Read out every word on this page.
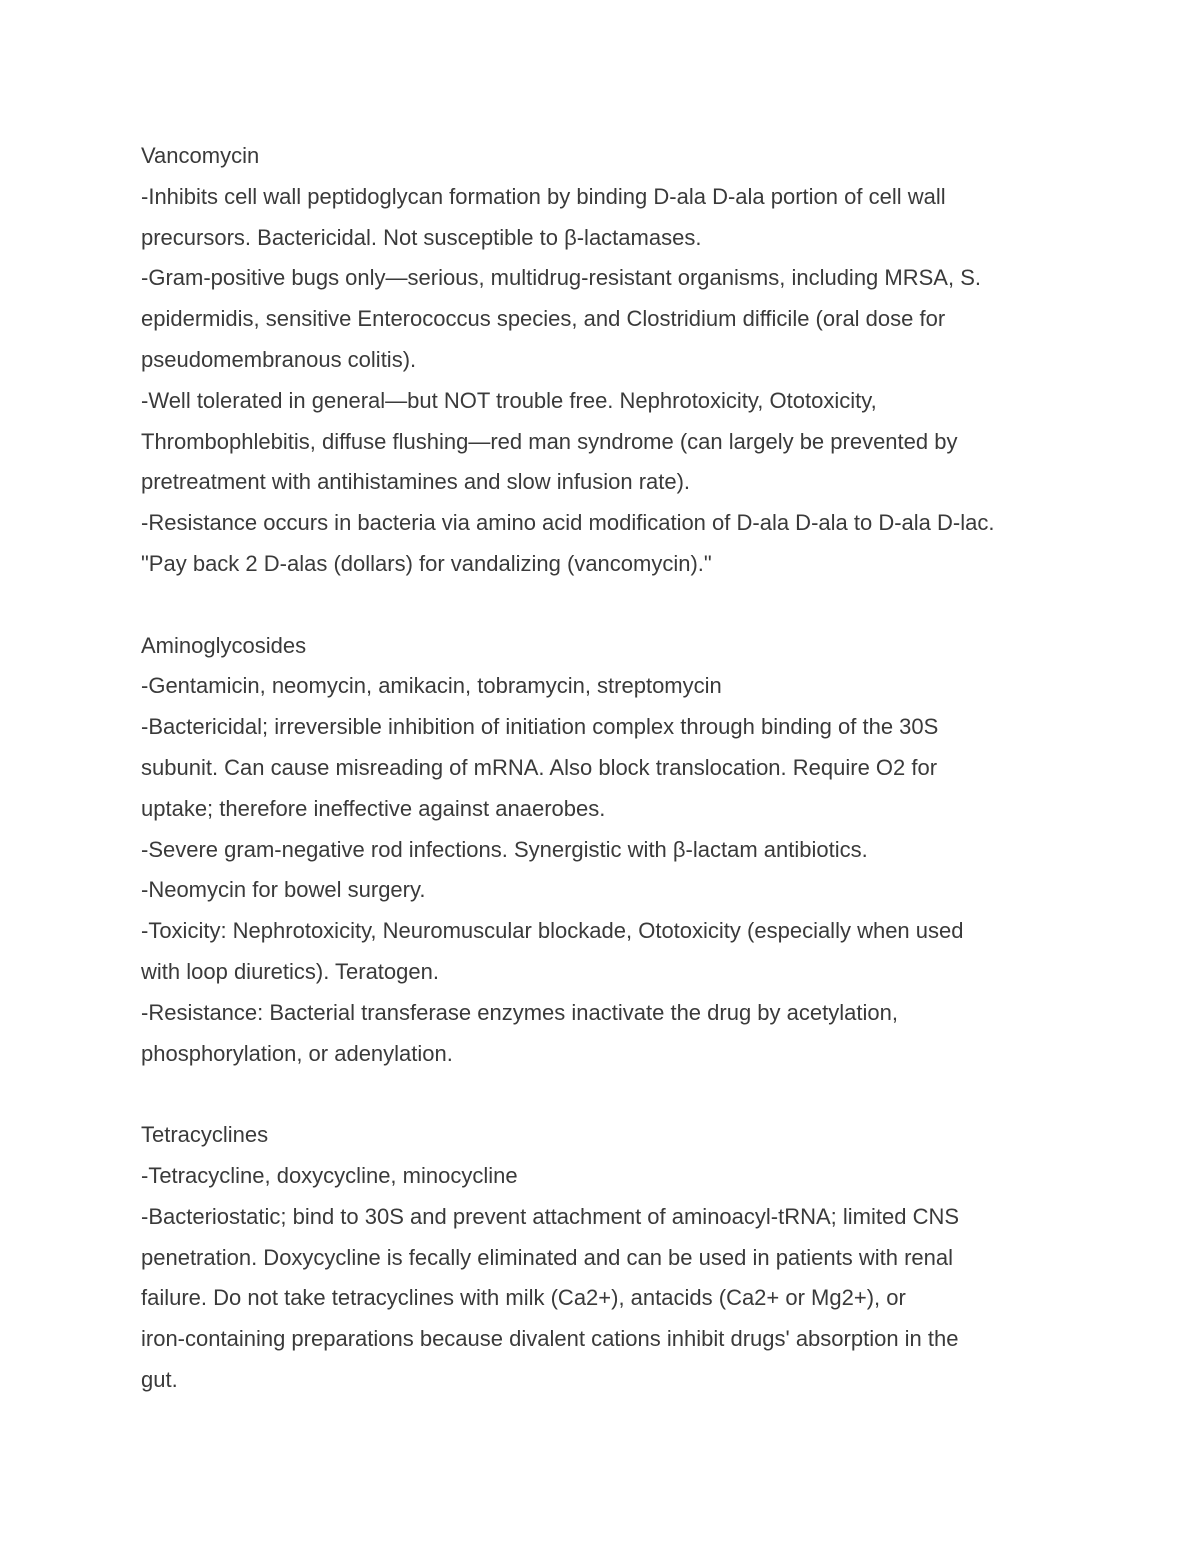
Vancomycin

-Inhibits cell wall peptidoglycan formation by binding D-ala D-ala portion of cell wall

precursors. Bactericidal. Not susceptible to β-lactamases.

-Gram-positive bugs only—serious, multidrug-resistant organisms, including MRSA, S.

epidermidis, sensitive Enterococcus species, and Clostridium difficile (oral dose for

pseudomembranous colitis).

-Well tolerated in general—but NOT trouble free. Nephrotoxicity, Ototoxicity,

Thrombophlebitis, diffuse flushing—red man syndrome (can largely be prevented by

pretreatment with antihistamines and slow infusion rate).

-Resistance occurs in bacteria via amino acid modification of D-ala D-ala to D-ala D-lac.

"Pay back 2 D-alas (dollars) for vandalizing (vancomycin)."

Aminoglycosides

-Gentamicin, neomycin, amikacin, tobramycin, streptomycin

-Bactericidal; irreversible inhibition of initiation complex through binding of the 30S

subunit. Can cause misreading of mRNA. Also block translocation. Require O2 for

uptake; therefore ineffective against anaerobes.

-Severe gram-negative rod infections. Synergistic with β-lactam antibiotics.

-Neomycin for bowel surgery.

-Toxicity: Nephrotoxicity, Neuromuscular blockade, Ototoxicity (especially when used

with loop diuretics). Teratogen.

-Resistance: Bacterial transferase enzymes inactivate the drug by acetylation,

phosphorylation, or adenylation.

Tetracyclines

-Tetracycline, doxycycline, minocycline

-Bacteriostatic; bind to 30S and prevent attachment of aminoacyl-tRNA; limited CNS

penetration. Doxycycline is fecally eliminated and can be used in patients with renal

failure. Do not take tetracyclines with milk (Ca2+), antacids (Ca2+ or Mg2+), or

iron-containing preparations because divalent cations inhibit drugs' absorption in the

gut.
